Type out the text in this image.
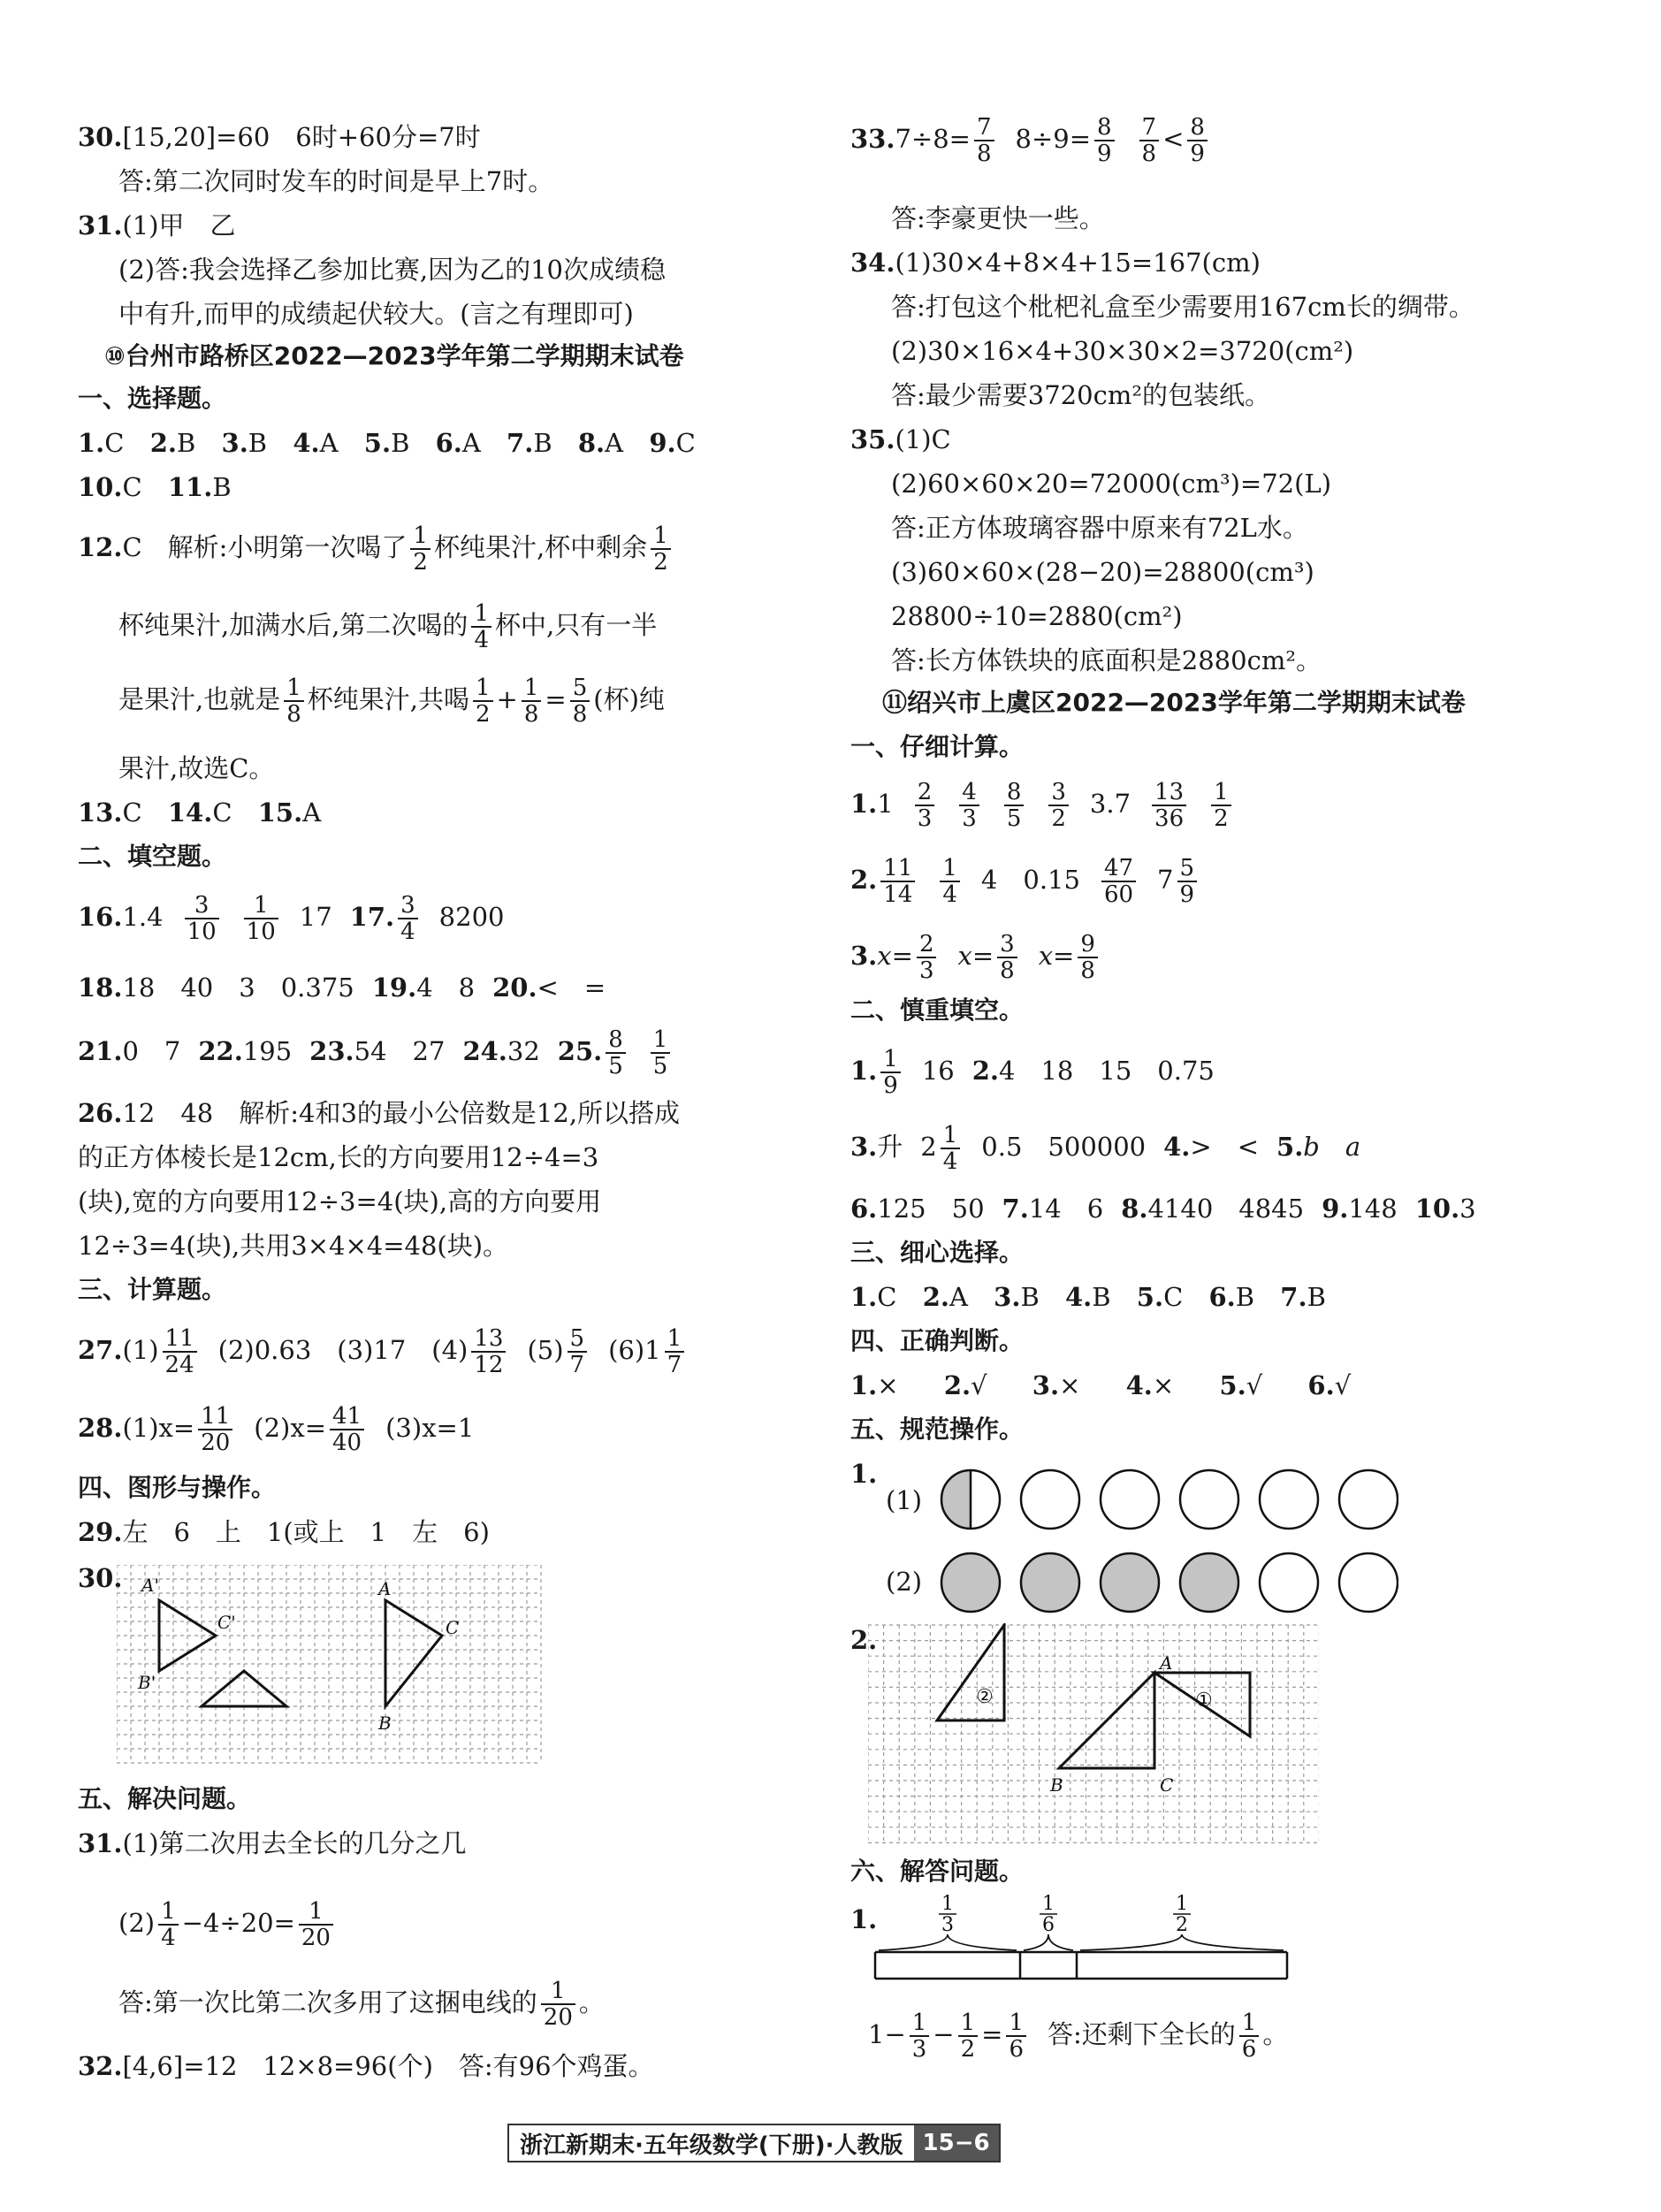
30.[15,20]=60　6时+60分=7时
答:第二次同时发车的时间是早上7时。
31.(1)甲　乙
(2)答:我会选择乙参加比赛,因为乙的10次成绩稳
中有升,而甲的成绩起伏较大。(言之有理即可)
⑩台州市路桥区2022—2023学年第二学期期末试卷
一、选择题。
1.C 2.B 3.B 4.A 5.B 6.A 7.B 8.A 9.C
10.C 11.B
12.C　解析:小明第一次喝了 $\frac{1}{2}$ 杯纯果汁,杯中剩余 $\frac{1}{2}$
杯纯果汁,加满水后,第二次喝的 $\frac{1}{4}$ 杯中,只有一半
是果汁,也就是 $\frac{1}{8}$ 杯纯果汁,共喝 $\frac{1}{2} + \frac{1}{8} = \frac{5}{8}$ (杯)纯
果汁,故选C。
13.C 14.C 15.A
二、填空题。
$16.1.4 \frac{3}{10} \frac{1}{10} 17$ 17. $\frac{3}{4} 8200$
18.18　40　3　0.375 19.4　8 20.<　=
21.0　7 22.195 23.54　27 24.32 25. $\frac{8}{5} \frac{1}{5}$
26.12　48　解析:4和3的最小公倍数是12,所以搭成
的正方体棱长是12cm,长的方向要用12÷4=3
(块),宽的方向要用12÷3=4(块),高的方向要用
12÷3=4(块),共用3×4×4=48(块)。
三、计算题。
$27.(1) \frac{11}{24} (2)0.63$　(3)17　$(4) \frac{13}{12} (5) \frac{5}{7} (6)1 \frac{1}{7}$
$28.(1)x= \frac{11}{20} (2)x= \frac{41}{40} (3)x=1$
四、图形与操作。
29.左　6　上　1(或上　1　左　6)
30. A'
C'
B'
A
C
B
五、解决问题。
31.(1)第二次用去全长的几分之几
$(2) \frac{1}{4} -4\div 20= \frac{1}{20}$
答:第一次比第二次多用了这捆电线的 $\frac{1}{20}$ 。
32.[4,6]=12　12×8=96(个)　答:有96个鸡蛋。
$33.7\div 8= \frac{7}{8} 8\div 9= \frac{8}{9} \frac{7}{8} < \frac{8}{9}$
答:李豪更快一些。
34.(1)30×4+8×4+15=167(cm)
答:打包这个枇杷礼盒至少需要用167cm长的绸带。
(2)30×16×4+30×30×2=3720(cm²)
答:最少需要3720cm²的包装纸。
35.(1)C
(2)60×60×20=72000(cm³)=72(L)
答:正方体玻璃容器中原来有72L水。
(3)60×60×(28−20)=28800(cm³)
28800÷10=2880(cm²)
答:长方体铁块的底面积是2880cm²。
⑪绍兴市上虞区2022—2023学年第二学期期末试卷
一、仔细计算。
$1.1 \frac{2}{3} \frac{4}{3} \frac{8}{5} \frac{3}{2} 3.7 \frac{13}{36} \frac{1}{2}$
2. $\frac{11}{14} \frac{1}{4} 4$　$0.15 \frac{47}{60} 7 \frac{5}{9}$
$3.x= \frac{2}{3} x= \frac{3}{8} x= \frac{9}{8}$
二、慎重填空。
1. $\frac{1}{9} 16$ 2.4　18　15　0.75
3.升 $2 \frac{1}{4} 0.5$　500000 4.>　< 5.b　a
6.125　50 7.14　6 8.4140　4845 9.148 10.3
三、细心选择。
1.C 2.A 3.B 4.B 5.C 6.B 7.B
四、正确判断。
1.× 2.√ 3.× 4.× 5.√ 6.√
五、规范操作。
1.
(1)
(2)
2.
②
A
①
B	C
六、解答问题。
1.
1
3
1
6
1
2
$1- \frac{1}{3} - \frac{1}{2} = \frac{1}{6}$ 答:还剩下全长的 $\frac{1}{6}$ 。
浙江新期末·五年级数学(下册)·人教版 15−6
